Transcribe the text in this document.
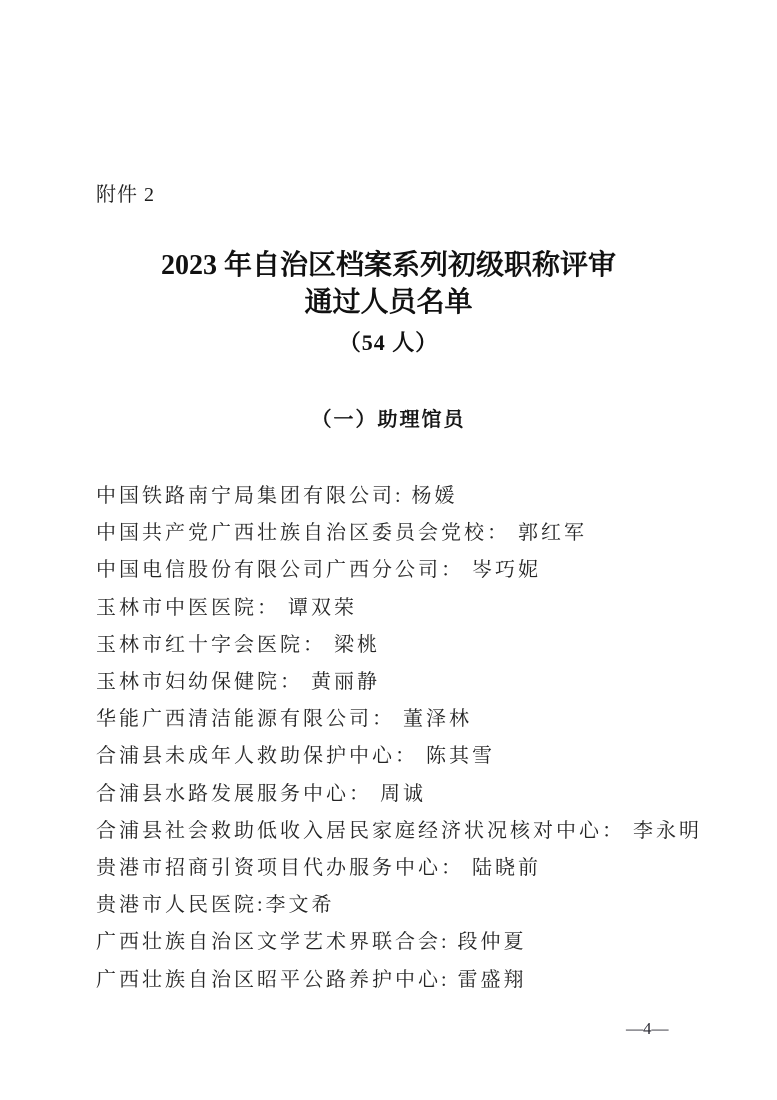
附件 2
2023 年自治区档案系列初级职称评审
通过人员名单
（54 人）
（一）助理馆员
中国铁路南宁局集团有限公司: 杨媛
中国共产党广西壮族自治区委员会党校： 郭红军
中国电信股份有限公司广西分公司： 岑巧妮
玉林市中医医院： 谭双荣
玉林市红十字会医院： 梁桃
玉林市妇幼保健院： 黄丽静
华能广西清洁能源有限公司： 董泽林
合浦县未成年人救助保护中心： 陈其雪
合浦县水路发展服务中心： 周诚
合浦县社会救助低收入居民家庭经济状况核对中心： 李永明
贵港市招商引资项目代办服务中心： 陆晓前
贵港市人民医院:李文希
广西壮族自治区文学艺术界联合会: 段仲夏
广西壮族自治区昭平公路养护中心: 雷盛翔
—4—
